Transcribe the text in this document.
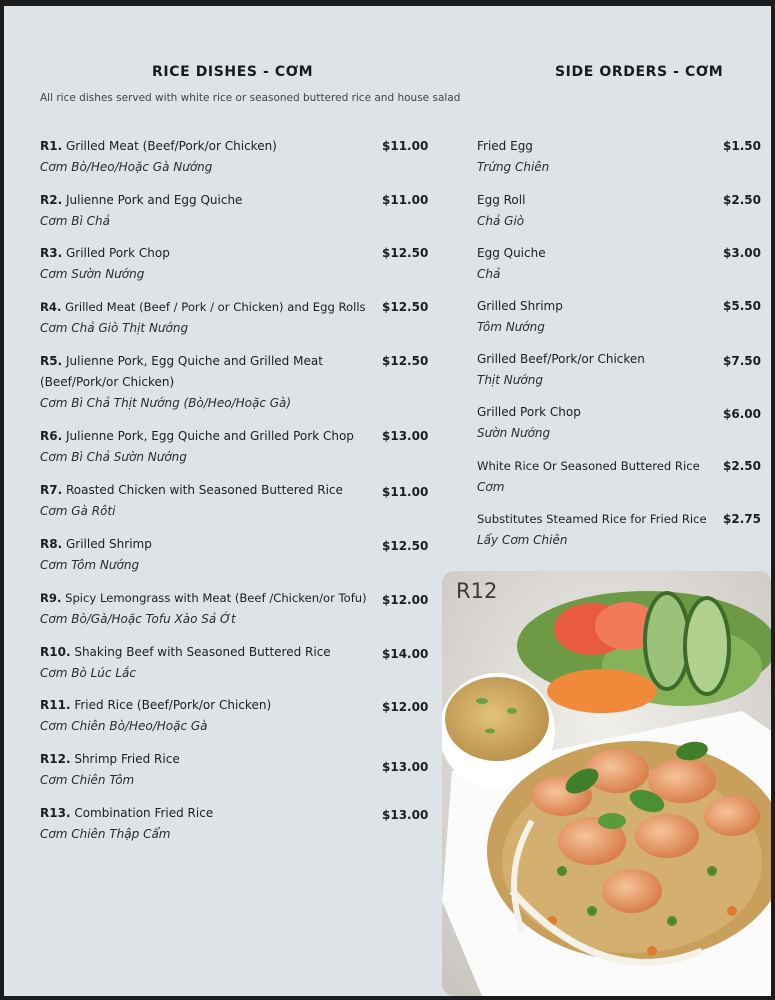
RICE DISHES - CƠM
All rice dishes served with white rice or seasoned buttered rice and house salad
R1. Grilled Meat (Beef/Pork/or Chicken)
Cơm Bò/Heo/Hoặc Gà Nướng
$11.00
R2. Julienne Pork and Egg Quiche
Cơm Bì Chả
$11.00
R3. Grilled Pork Chop
Cơm Sườn Nướng
$12.50
R4. Grilled Meat (Beef / Pork / or Chicken) and Egg Rolls
Cơm Chả Giò Thịt Nướng
$12.50
R5. Julienne Pork, Egg Quiche and Grilled Meat
(Beef/Pork/or Chicken)
Cơm Bì Chả Thịt Nướng (Bò/Heo/Hoặc Gà)
$12.50
R6. Julienne Pork, Egg Quiche and Grilled Pork Chop
Cơm Bì Chả Sườn Nướng
$13.00
R7. Roasted Chicken with Seasoned Buttered Rice
Cơm Gà Rôti
$11.00
R8. Grilled Shrimp
Cơm Tôm Nướng
$12.50
R9. Spicy Lemongrass with Meat (Beef /Chicken/or Tofu)
Cơm Bò/Gà/Hoặc Tofu Xào Sả Ớt
$12.00
R10. Shaking Beef with Seasoned Buttered Rice
Cơm Bò Lúc Lắc
$14.00
R11. Fried Rice (Beef/Pork/or Chicken)
Cơm Chiên Bò/Heo/Hoặc Gà
$12.00
R12. Shrimp Fried Rice
Cơm Chiên Tôm
$13.00
R13. Combination Fried Rice
Cơm Chiên Thập Cẩm
$13.00
SIDE ORDERS - CƠM
Fried Egg
Trứng Chiên
$1.50
Egg Roll
Chả Giò
$2.50
Egg Quiche
Chả
$3.00
Grilled Shrimp
Tôm Nướng
$5.50
Grilled Beef/Pork/or Chicken
Thịt Nướng
$7.50
Grilled Pork Chop
Sườn Nướng
$6.00
White Rice Or Seasoned Buttered Rice
Cơm
$2.50
Substitutes Steamed Rice for Fried Rice
Lấy Cơm Chiên
$2.75
R12
